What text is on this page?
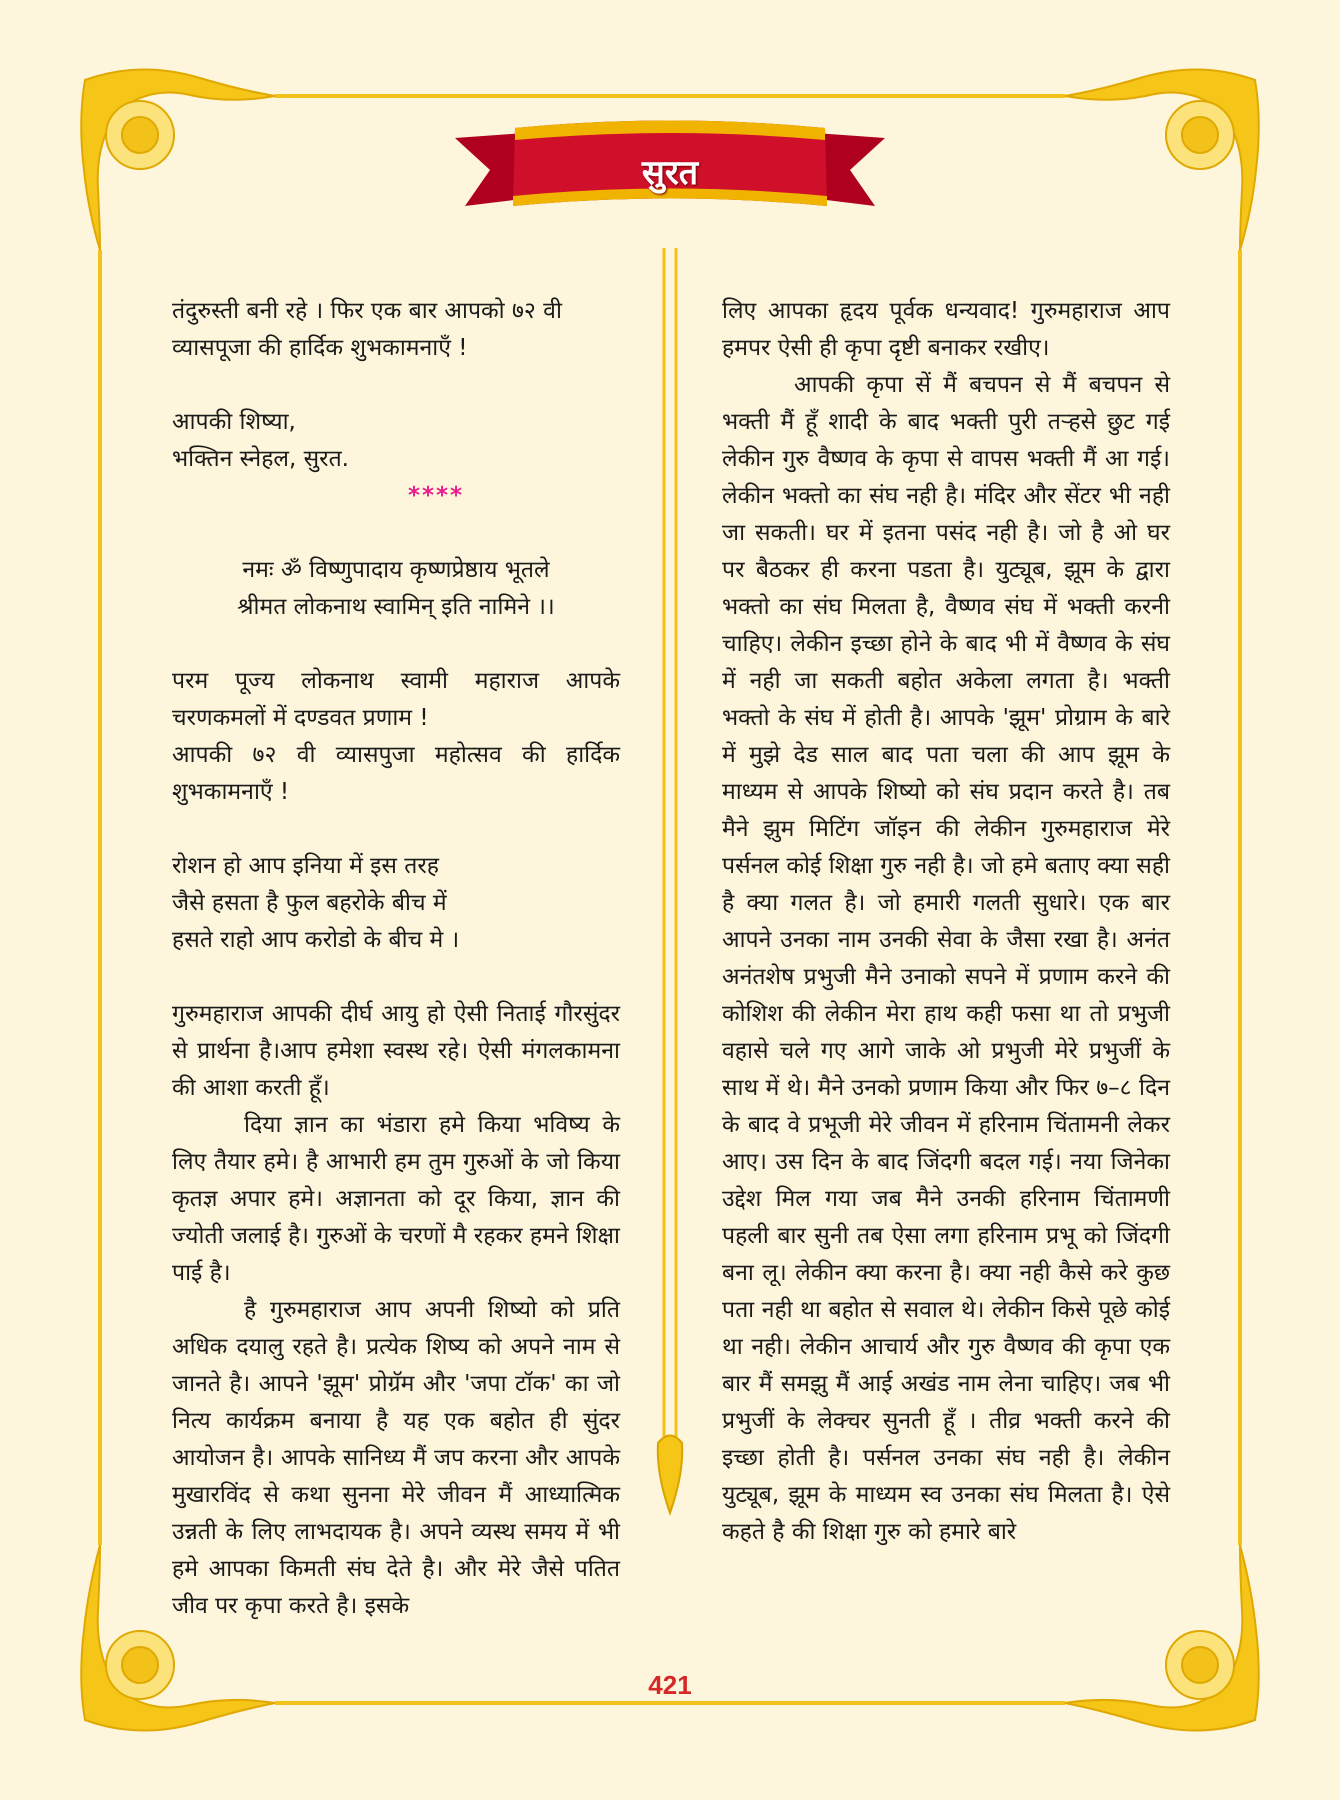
सुरत

तंदुरुस्ती बनी रहे । फिर एक बार आपको ७२ वी
व्यासपूजा की हार्दिक शुभकामनाएँ !

आपकी शिष्या,
भक्तिन स्नेहल, सुरत.

****

नमः ॐ विष्णुपादाय कृष्णप्रेष्ठाय भूतले
श्रीमत लोकनाथ स्वामिन् इति नामिने ।।

परम पूज्य लोकनाथ स्वामी महाराज आपके चरणकमलों में दण्डवत प्रणाम !

आपकी ७२ वी व्यासपुजा महोत्सव की हार्दिक शुभकामनाएँ !

रोशन हो आप इनिया में इस तरह
जैसे हसता है फुल बहरोके बीच में
हसते राहो आप करोडो के बीच मे ।

गुरुमहाराज आपकी दीर्घ आयु हो ऐसी निताई गौरसुंदर से प्रार्थना है।आप हमेशा स्वस्थ रहे। ऐसी मंगलकामना की आशा करती हूँ।

दिया ज्ञान का भंडारा हमे किया भविष्य के लिए तैयार हमे। है आभारी हम तुम गुरुओं के जो किया कृतज्ञ अपार हमे। अज्ञानता को दूर किया, ज्ञान की ज्योती जलाई है। गुरुओं के चरणों मै रहकर हमने शिक्षा पाई है।

है गुरुमहाराज आप अपनी शिष्यो को प्रति अधिक दयालु रहते है। प्रत्येक शिष्य को अपने नाम से जानते है। आपने 'झूम' प्रोग्रॅम और 'जपा टॉक' का जो नित्य कार्यक्रम बनाया है यह एक बहोत ही सुंदर आयोजन है। आपके सानिध्य मैं जप करना और आपके मुखारविंद से कथा सुनना मेरे जीवन मैं आध्यात्मिक उन्नती के लिए लाभदायक है। अपने व्यस्थ समय में भी हमे आपका किमती संघ देते है। और मेरे जैसे पतित जीव पर कृपा करते है। इसके

लिए आपका हृदय पूर्वक धन्यवाद! गुरुमहाराज आप हमपर ऐसी ही कृपा दृष्टी बनाकर रखीए।

आपकी कृपा सें मैं बचपन से मैं बचपन से भक्ती मैं हूँ शादी के बाद भक्ती पुरी तऱ्हसे छुट गई लेकीन गुरु वैष्णव के कृपा से वापस भक्ती मैं आ गई। लेकीन भक्तो का संघ नही है। मंदिर और सेंटर भी नही जा सकती। घर में इतना पसंद नही है। जो है ओ घर पर बैठकर ही करना पडता है। युट्यूब, झूम के द्वारा भक्तो का संघ मिलता है, वैष्णव संघ में भक्ती करनी चाहिए। लेकीन इच्छा होने के बाद भी में वैष्णव के संघ में नही जा सकती बहोत अकेला लगता है। भक्ती भक्तो के संघ में होती है। आपके 'झूम' प्रोग्राम के बारे में मुझे देड साल बाद पता चला की आप झूम के माध्यम से आपके शिष्यो को संघ प्रदान करते है। तब मैने झुम मिटिंग जॉइन की लेकीन गुरुमहाराज मेरे पर्सनल कोई शिक्षा गुरु नही है। जो हमे बताए क्या सही है क्या गलत है। जो हमारी गलती सुधारे। एक बार आपने उनका नाम उनकी सेवा के जैसा रखा है। अनंत अनंतशेष प्रभुजी मैने उनाको सपने में प्रणाम करने की कोशिश की लेकीन मेरा हाथ कही फसा था तो प्रभुजी वहासे चले गए आगे जाके ओ प्रभुजी मेरे प्रभुजीं के साथ में थे। मैने उनको प्रणाम किया और फिर ७–८ दिन के बाद वे प्रभूजी मेरे जीवन में हरिनाम चिंतामनी लेकर आए। उस दिन के बाद जिंदगी बदल गई। नया जिनेका उद्देश मिल गया जब मैने उनकी हरिनाम चिंतामणी पहली बार सुनी तब ऐसा लगा हरिनाम प्रभू को जिंदगी बना लू। लेकीन क्या करना है। क्या नही कैसे करे कुछ पता नही था बहोत से सवाल थे। लेकीन किसे पूछे कोई था नही। लेकीन आचार्य और गुरु वैष्णव की कृपा एक बार मैं समझु मैं आई अखंड नाम लेना चाहिए। जब भी प्रभुजीं के लेक्चर सुनती हूँ । तीव्र भक्ती करने की इच्छा होती है। पर्सनल उनका संघ नही है। लेकीन युट्यूब, झूम के माध्यम स्व उनका संघ मिलता है। ऐसे कहते है की शिक्षा गुरु को हमारे बारे

421
